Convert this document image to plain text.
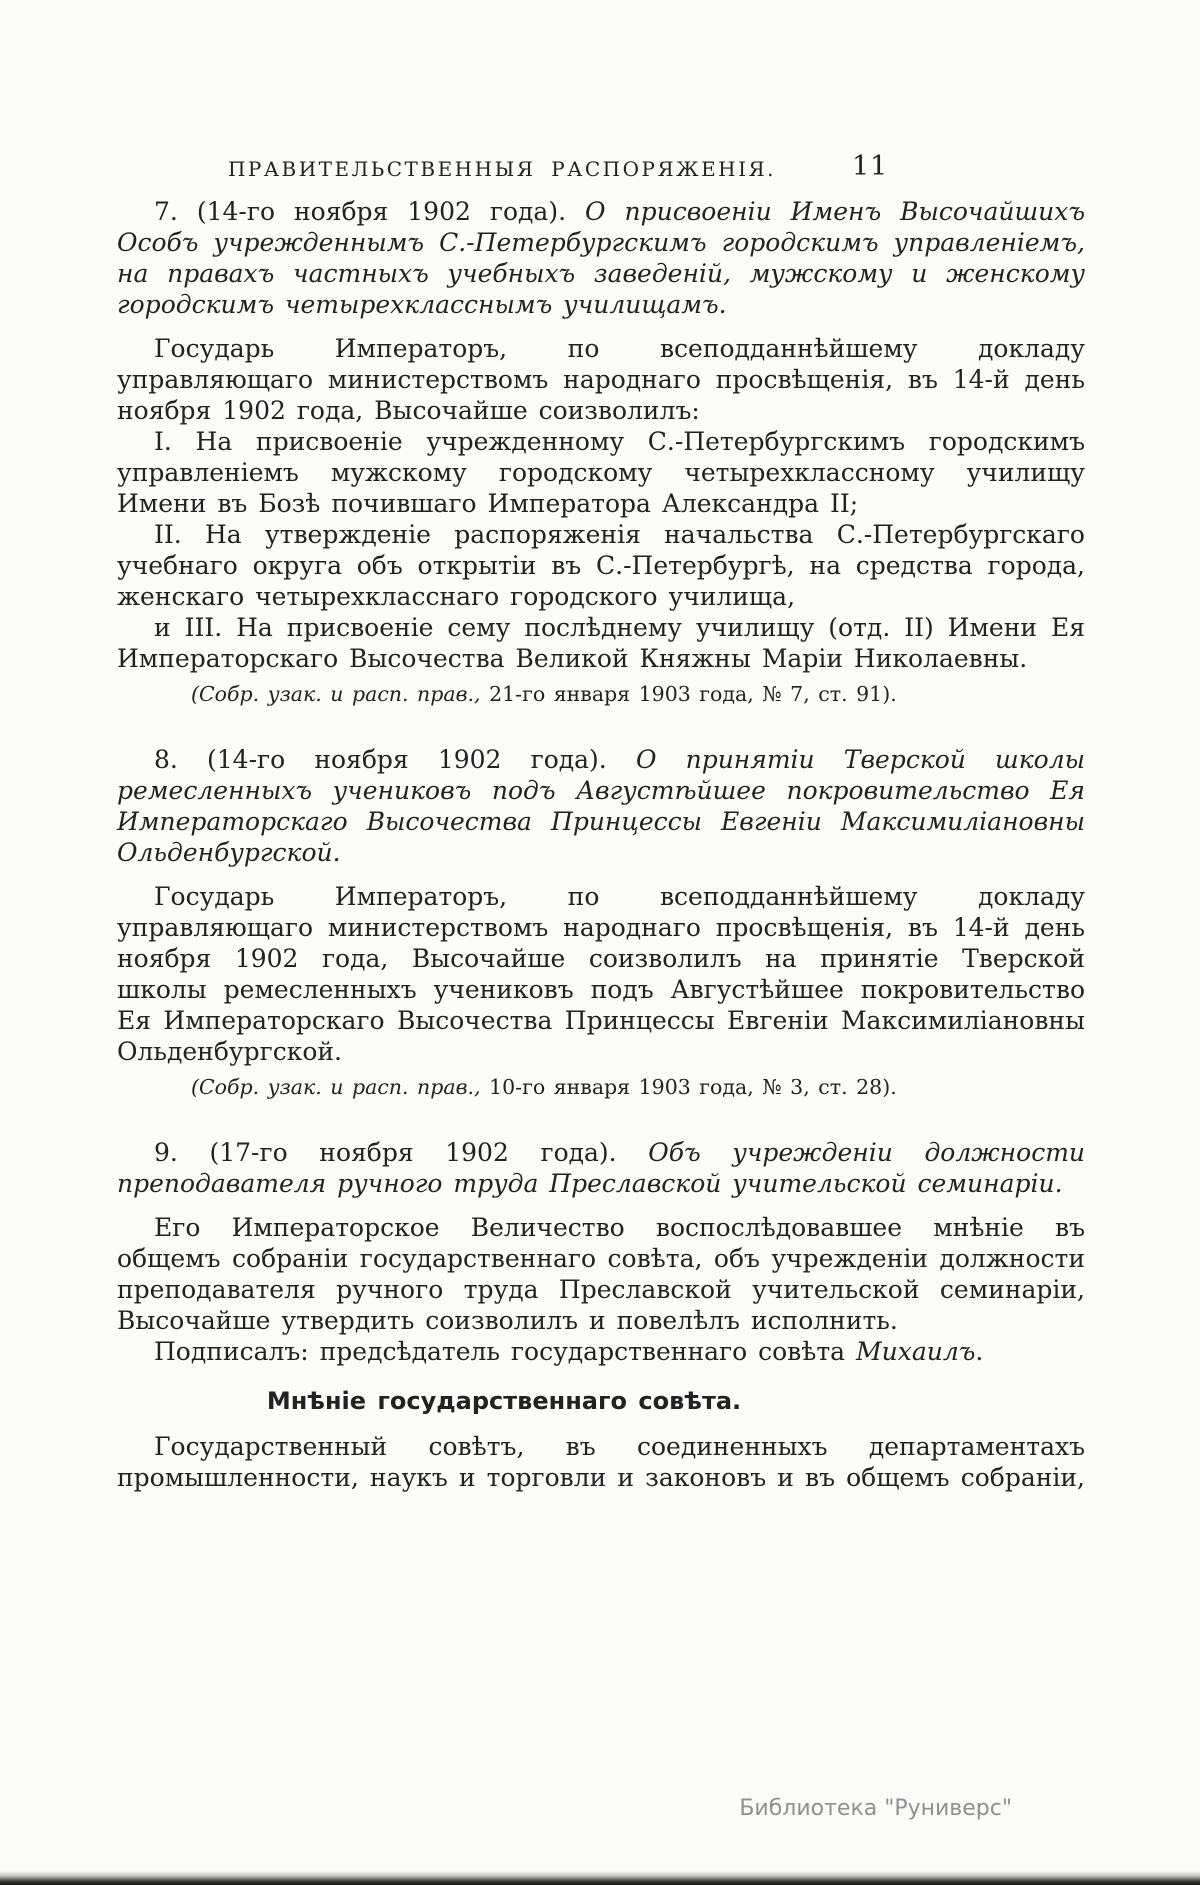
ПРАВИТЕЛЬСТВЕННЫЯ РАСПОРЯЖЕНІЯ.	11

7. (14-го ноября 1902 года). О присвоеніи Именъ Высочайшихъ Особъ учрежденнымъ С.-Петербургскимъ городскимъ управленіемъ, на правахъ частныхъ учебныхъ заведеній, мужскому и женскому городскимъ четырехкласснымъ училищамъ.

Государь Императоръ, по всеподданнѣйшему докладу управляющаго министерствомъ народнаго просвѣщенія, въ 14-й день ноября 1902 года, Высочайше соизволилъ:

I. На присвоеніе учрежденному С.-Петербургскимъ городскимъ управленіемъ мужскому городскому четырехклассному училищу Имени въ Бозѣ почившаго Императора Александра II;

II. На утвержденіе распоряженія начальства С.-Петербургскаго учебнаго округа объ открытіи въ С.-Петербургѣ, на средства города, женскаго четырехкласснаго городского училища,

и III. На присвоеніе сему послѣднему училищу (отд. II) Имени Ея Императорскаго Высочества Великой Княжны Маріи Николаевны.

(Собр. узак. и расп. прав., 21-го января 1903 года, № 7, ст. 91).

8. (14-го ноября 1902 года). О принятіи Тверской школы ремесленныхъ учениковъ подъ Августѣйшее покровительство Ея Императорскаго Высочества Принцессы Евгеніи Максимиліановны Ольденбургской.

Государь Императоръ, по всеподданнѣйшему докладу управляющаго министерствомъ народнаго просвѣщенія, въ 14-й день ноября 1902 года, Высочайше соизволилъ на принятіе Тверской школы ремесленныхъ учениковъ подъ Августѣйшее покровительство Ея Императорскаго Высочества Принцессы Евгеніи Максимиліановны Ольденбургской.

(Собр. узак. и расп. прав., 10-го января 1903 года, № 3, ст. 28).

9. (17-го ноября 1902 года). Объ учрежденіи должности преподавателя ручного труда Преславской учительской семинаріи.

Его Императорское Величество воспослѣдовавшее мнѣніе въ общемъ собраніи государственнаго совѣта, объ учрежденіи должности преподавателя ручного труда Преславской учительской семинаріи, Высочайше утвердить соизволилъ и повелѣлъ исполнить.

Подписалъ: предсѣдатель государственнаго совѣта Михаилъ.

Мнѣніе государственнаго совѣта.

Государственный совѣтъ, въ соединенныхъ департаментахъ промышленности, наукъ и торговли и законовъ и въ общемъ собраніи,

Библиотека "Руниверс"
